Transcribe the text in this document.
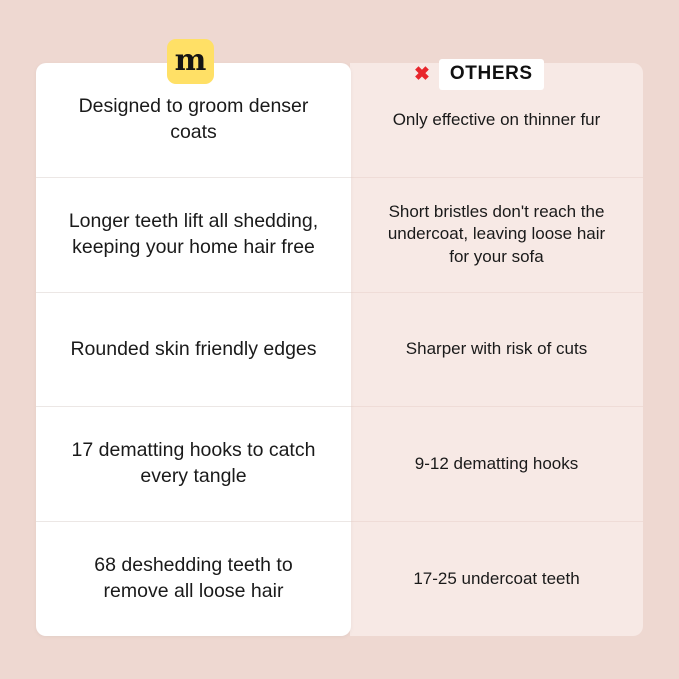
m	✖	OTHERS
Designed to groom denser coats
Longer teeth lift all shedding, keeping your home hair free
Rounded skin friendly edges
17 dematting hooks to catch every tangle
68 deshedding teeth to remove all loose hair
Only effective on thinner fur
Short bristles don't reach the undercoat, leaving loose hair for your sofa
Sharper with risk of cuts
9-12 dematting hooks
17-25 undercoat teeth
